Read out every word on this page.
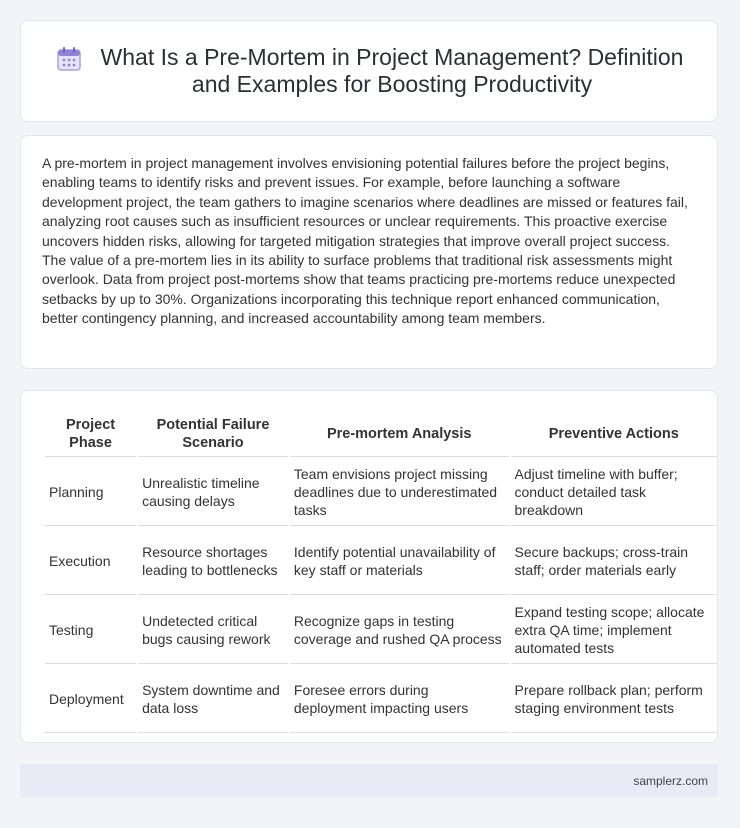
What Is a Pre-Mortem in Project Management? Definition
and Examples for Boosting Productivity

A pre-mortem in project management involves envisioning potential failures before the project begins, enabling teams to identify risks and prevent issues. For example, before launching a software development project, the team gathers to imagine scenarios where deadlines are missed or features fail, analyzing root causes such as insufficient resources or unclear requirements. This proactive exercise uncovers hidden risks, allowing for targeted mitigation strategies that improve overall project success. The value of a pre-mortem lies in its ability to surface problems that traditional risk assessments might overlook. Data from project post-mortems show that teams practicing pre-mortems reduce unexpected setbacks by up to 30%. Organizations incorporating this technique report enhanced communication, better contingency planning, and increased accountability among team members.

Project Phase	Potential Failure Scenario	Pre-mortem Analysis	Preventive Actions
Planning	Unrealistic timeline causing delays	Team envisions project missing deadlines due to underestimated tasks	Adjust timeline with buffer; conduct detailed task breakdown
Execution	Resource shortages leading to bottlenecks	Identify potential unavailability of key staff or materials	Secure backups; cross-train staff; order materials early
Testing	Undetected critical bugs causing rework	Recognize gaps in testing coverage and rushed QA process	Expand testing scope; allocate extra QA time; implement automated tests
Deployment	System downtime and data loss	Foresee errors during deployment impacting users	Prepare rollback plan; perform staging environment tests
samplerz.com
